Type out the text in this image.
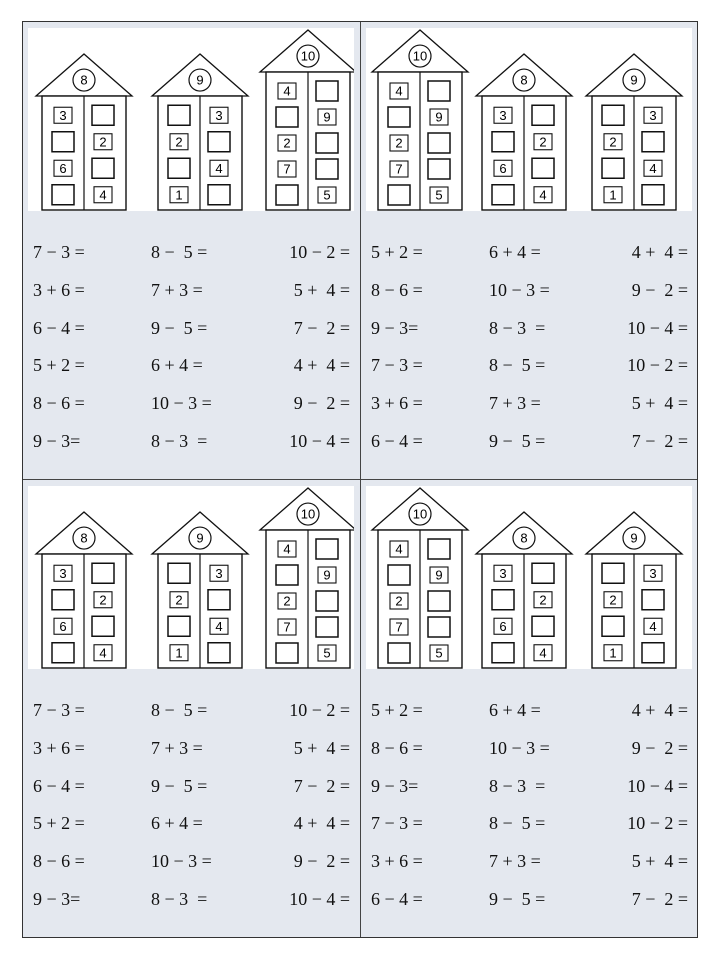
8
3
2
6
4
9
3
2
4
1
10
4
9
2
7
5
7 − 3 =	8 −  5 =	10 − 2 =
3 + 6 =	7 + 3 =	5 +  4 =
6 − 4 =	9 −  5 =	7 −  2 =
5 + 2 =	6 + 4 =	4 +  4 =
8 − 6 =	10 − 3 =	9 −  2 =
9 − 3=	8 − 3  =	10 − 4 =
10
4
9
2
7
5
8
3
2
6
4
9
3
2
4
1
5 + 2 =	6 + 4 =	4 +  4 =
8 − 6 =	10 − 3 =	9 −  2 =
9 − 3=	8 − 3  =	10 − 4 =
7 − 3 =	8 −  5 =	10 − 2 =
3 + 6 =	7 + 3 =	5 +  4 =
6 − 4 =	9 −  5 =	7 −  2 =
8
3
2
6
4
9
3
2
4
1
10
4
9
2
7
5
7 − 3 =	8 −  5 =	10 − 2 =
3 + 6 =	7 + 3 =	5 +  4 =
6 − 4 =	9 −  5 =	7 −  2 =
5 + 2 =	6 + 4 =	4 +  4 =
8 − 6 =	10 − 3 =	9 −  2 =
9 − 3=	8 − 3  =	10 − 4 =
10
4
9
2
7
5
8
3
2
6
4
9
3
2
4
1
5 + 2 =	6 + 4 =	4 +  4 =
8 − 6 =	10 − 3 =	9 −  2 =
9 − 3=	8 − 3  =	10 − 4 =
7 − 3 =	8 −  5 =	10 − 2 =
3 + 6 =	7 + 3 =	5 +  4 =
6 − 4 =	9 −  5 =	7 −  2 =
